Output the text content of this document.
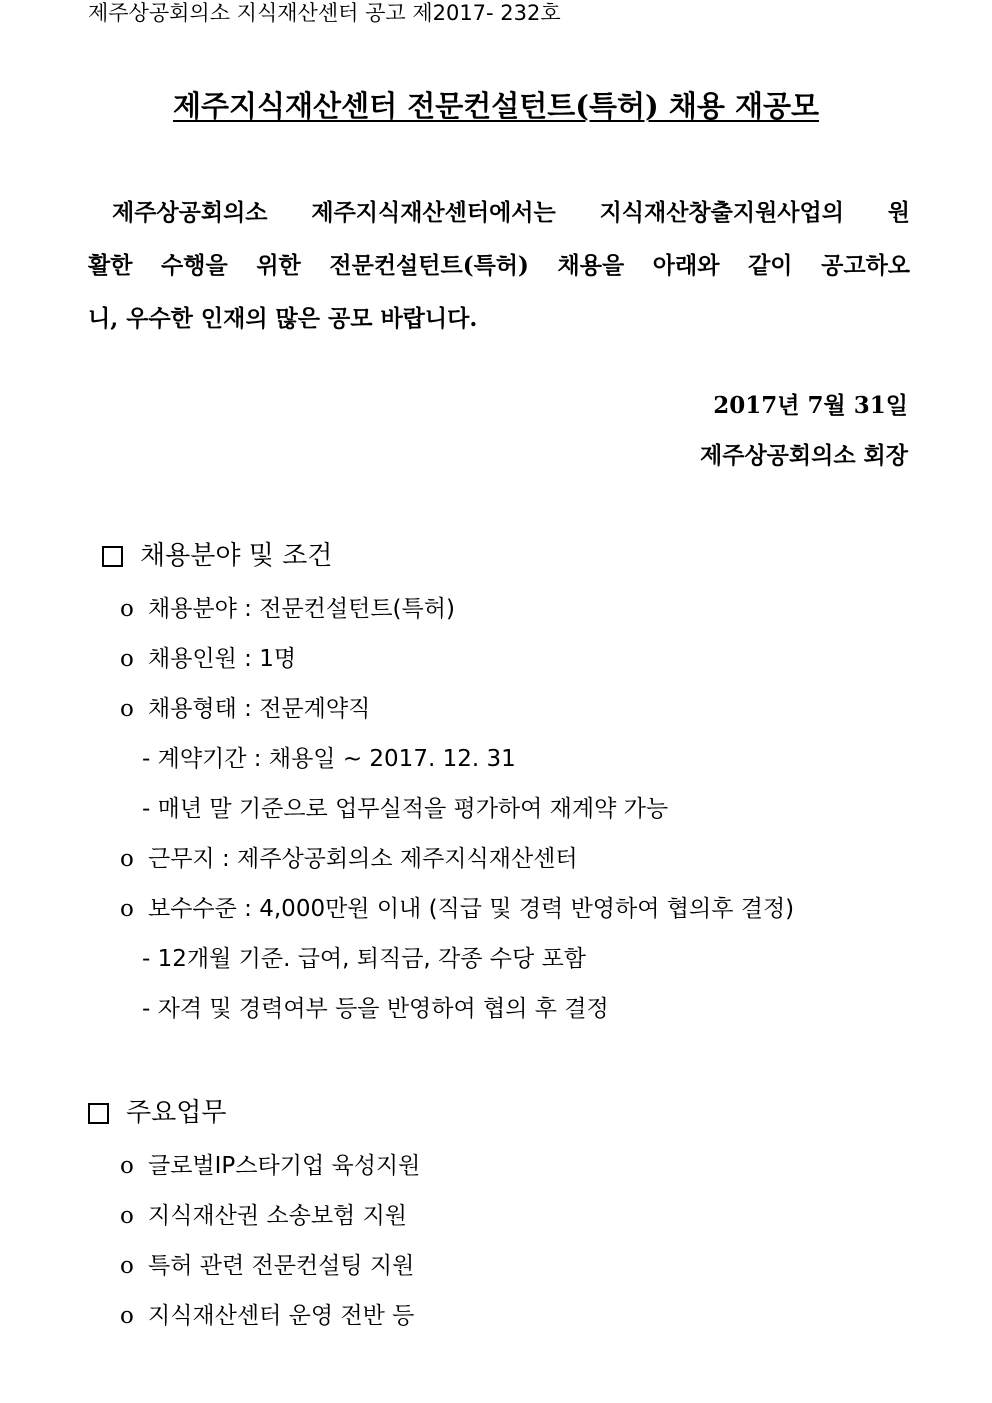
제주상공회의소 지식재산센터 공고 제2017- 232호
제주지식재산센터 전문컨설턴트(특허) 채용 재공모
제주상공회의소 제주지식재산센터에서는 지식재산창출지원사업의 원
활한 수행을 위한 전문컨설턴트(특허) 채용을 아래와 같이 공고하오
니, 우수한 인재의 많은 공모 바랍니다.
2017년 7월 31일
제주상공회의소 회장
채용분야 및 조건
o 채용분야 : 전문컨설턴트(특허)
o 채용인원 : 1명
o 채용형태 : 전문계약직
- 계약기간 : 채용일 ~ 2017. 12. 31
- 매년 말 기준으로 업무실적을 평가하여 재계약 가능
o 근무지 : 제주상공회의소 제주지식재산센터
o 보수수준 : 4,000만원 이내 (직급 및 경력 반영하여 협의후 결정)
- 12개월 기준. 급여, 퇴직금, 각종 수당 포함
- 자격 및 경력여부 등을 반영하여 협의 후 결정
주요업무
o 글로벌IP스타기업 육성지원
o 지식재산권 소송보험 지원
o 특허 관련 전문컨설팅 지원
o 지식재산센터 운영 전반 등
